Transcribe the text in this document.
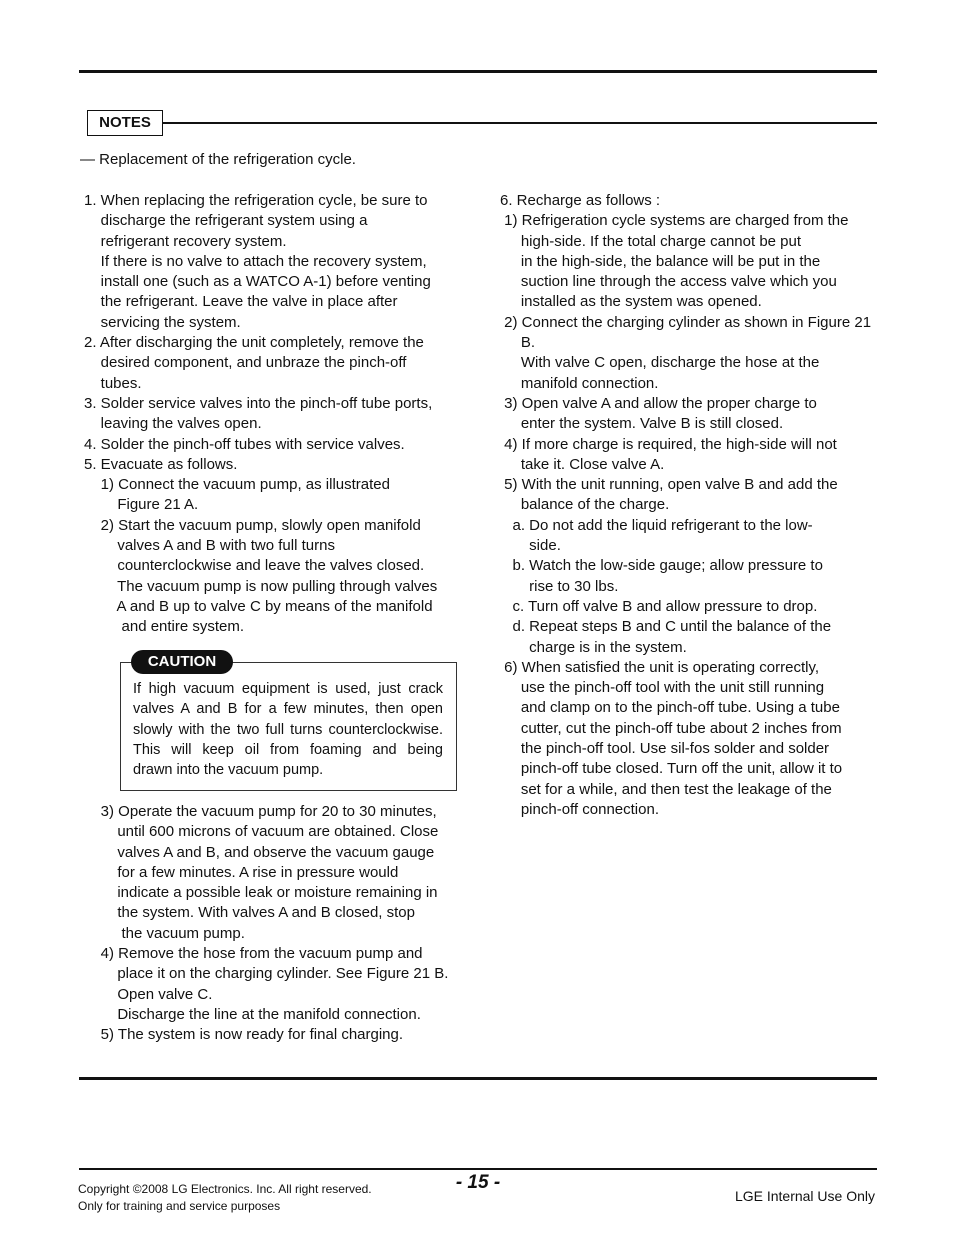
NOTES
— Replacement of the refrigeration cycle.
1. When replacing the refrigeration cycle, be sure to
discharge the refrigerant system using a
refrigerant recovery system.
If there is no valve to attach the recovery system,
install one (such as a WATCO A-1) before venting
the refrigerant. Leave the valve in place after
servicing the system.
2. After discharging the unit completely, remove the
desired component, and unbraze the pinch-off
tubes.
3. Solder service valves into the pinch-off tube ports,
leaving the valves open.
4. Solder the pinch-off tubes with service valves.
5. Evacuate as follows.
1) Connect the vacuum pump, as illustrated
Figure 21 A.
2) Start the vacuum pump, slowly open manifold
valves A and B with two full turns
counterclockwise and leave the valves closed.
The vacuum pump is now pulling through valves
A and B up to valve C by means of the manifold
and entire system.
CAUTION
If high vacuum equipment is used, just crack
valves A and B for a few minutes, then open
slowly with the two full turns counterclockwise.
This will keep oil from foaming and being
drawn into the vacuum pump.
3) Operate the vacuum pump for 20 to 30 minutes,
until 600 microns of vacuum are obtained. Close
valves A and B, and observe the vacuum gauge
for a few minutes. A rise in pressure would
indicate a possible leak or moisture remaining in
the system. With valves A and B closed, stop
the vacuum pump.
4) Remove the hose from the vacuum pump and
place it on the charging cylinder. See Figure 21 B.
Open valve C.
Discharge the line at the manifold connection.
5) The system is now ready for final charging.
6. Recharge as follows :
1) Refrigeration cycle systems are charged from the
high-side. If the total charge cannot be put
in the high-side, the balance will be put in the
suction line through the access valve which you
installed as the system was opened.
2) Connect the charging cylinder as shown in Figure 21
B.
With valve C open, discharge the hose at the
manifold connection.
3) Open valve A and allow the proper charge to
enter the system. Valve B is still closed.
4) If more charge is required, the high-side will not
take it. Close valve A.
5) With the unit running, open valve B and add the
balance of the charge.
a. Do not add the liquid refrigerant to the low-
side.
b. Watch the low-side gauge; allow pressure to
rise to 30 lbs.
c. Turn off valve B and allow pressure to drop.
d. Repeat steps B and C until the balance of the
charge is in the system.
6) When satisfied the unit is operating correctly,
use the pinch-off tool with the unit still running
and clamp on to the pinch-off tube. Using a tube
cutter, cut the pinch-off tube about 2 inches from
the pinch-off tool. Use sil-fos solder and solder
pinch-off tube closed. Turn off the unit, allow it to
set for a while, and then test the leakage of the
pinch-off connection.
- 15 -
Copyright ©2008 LG Electronics. Inc. All right reserved.
Only for training and service purposes
LGE Internal Use Only
